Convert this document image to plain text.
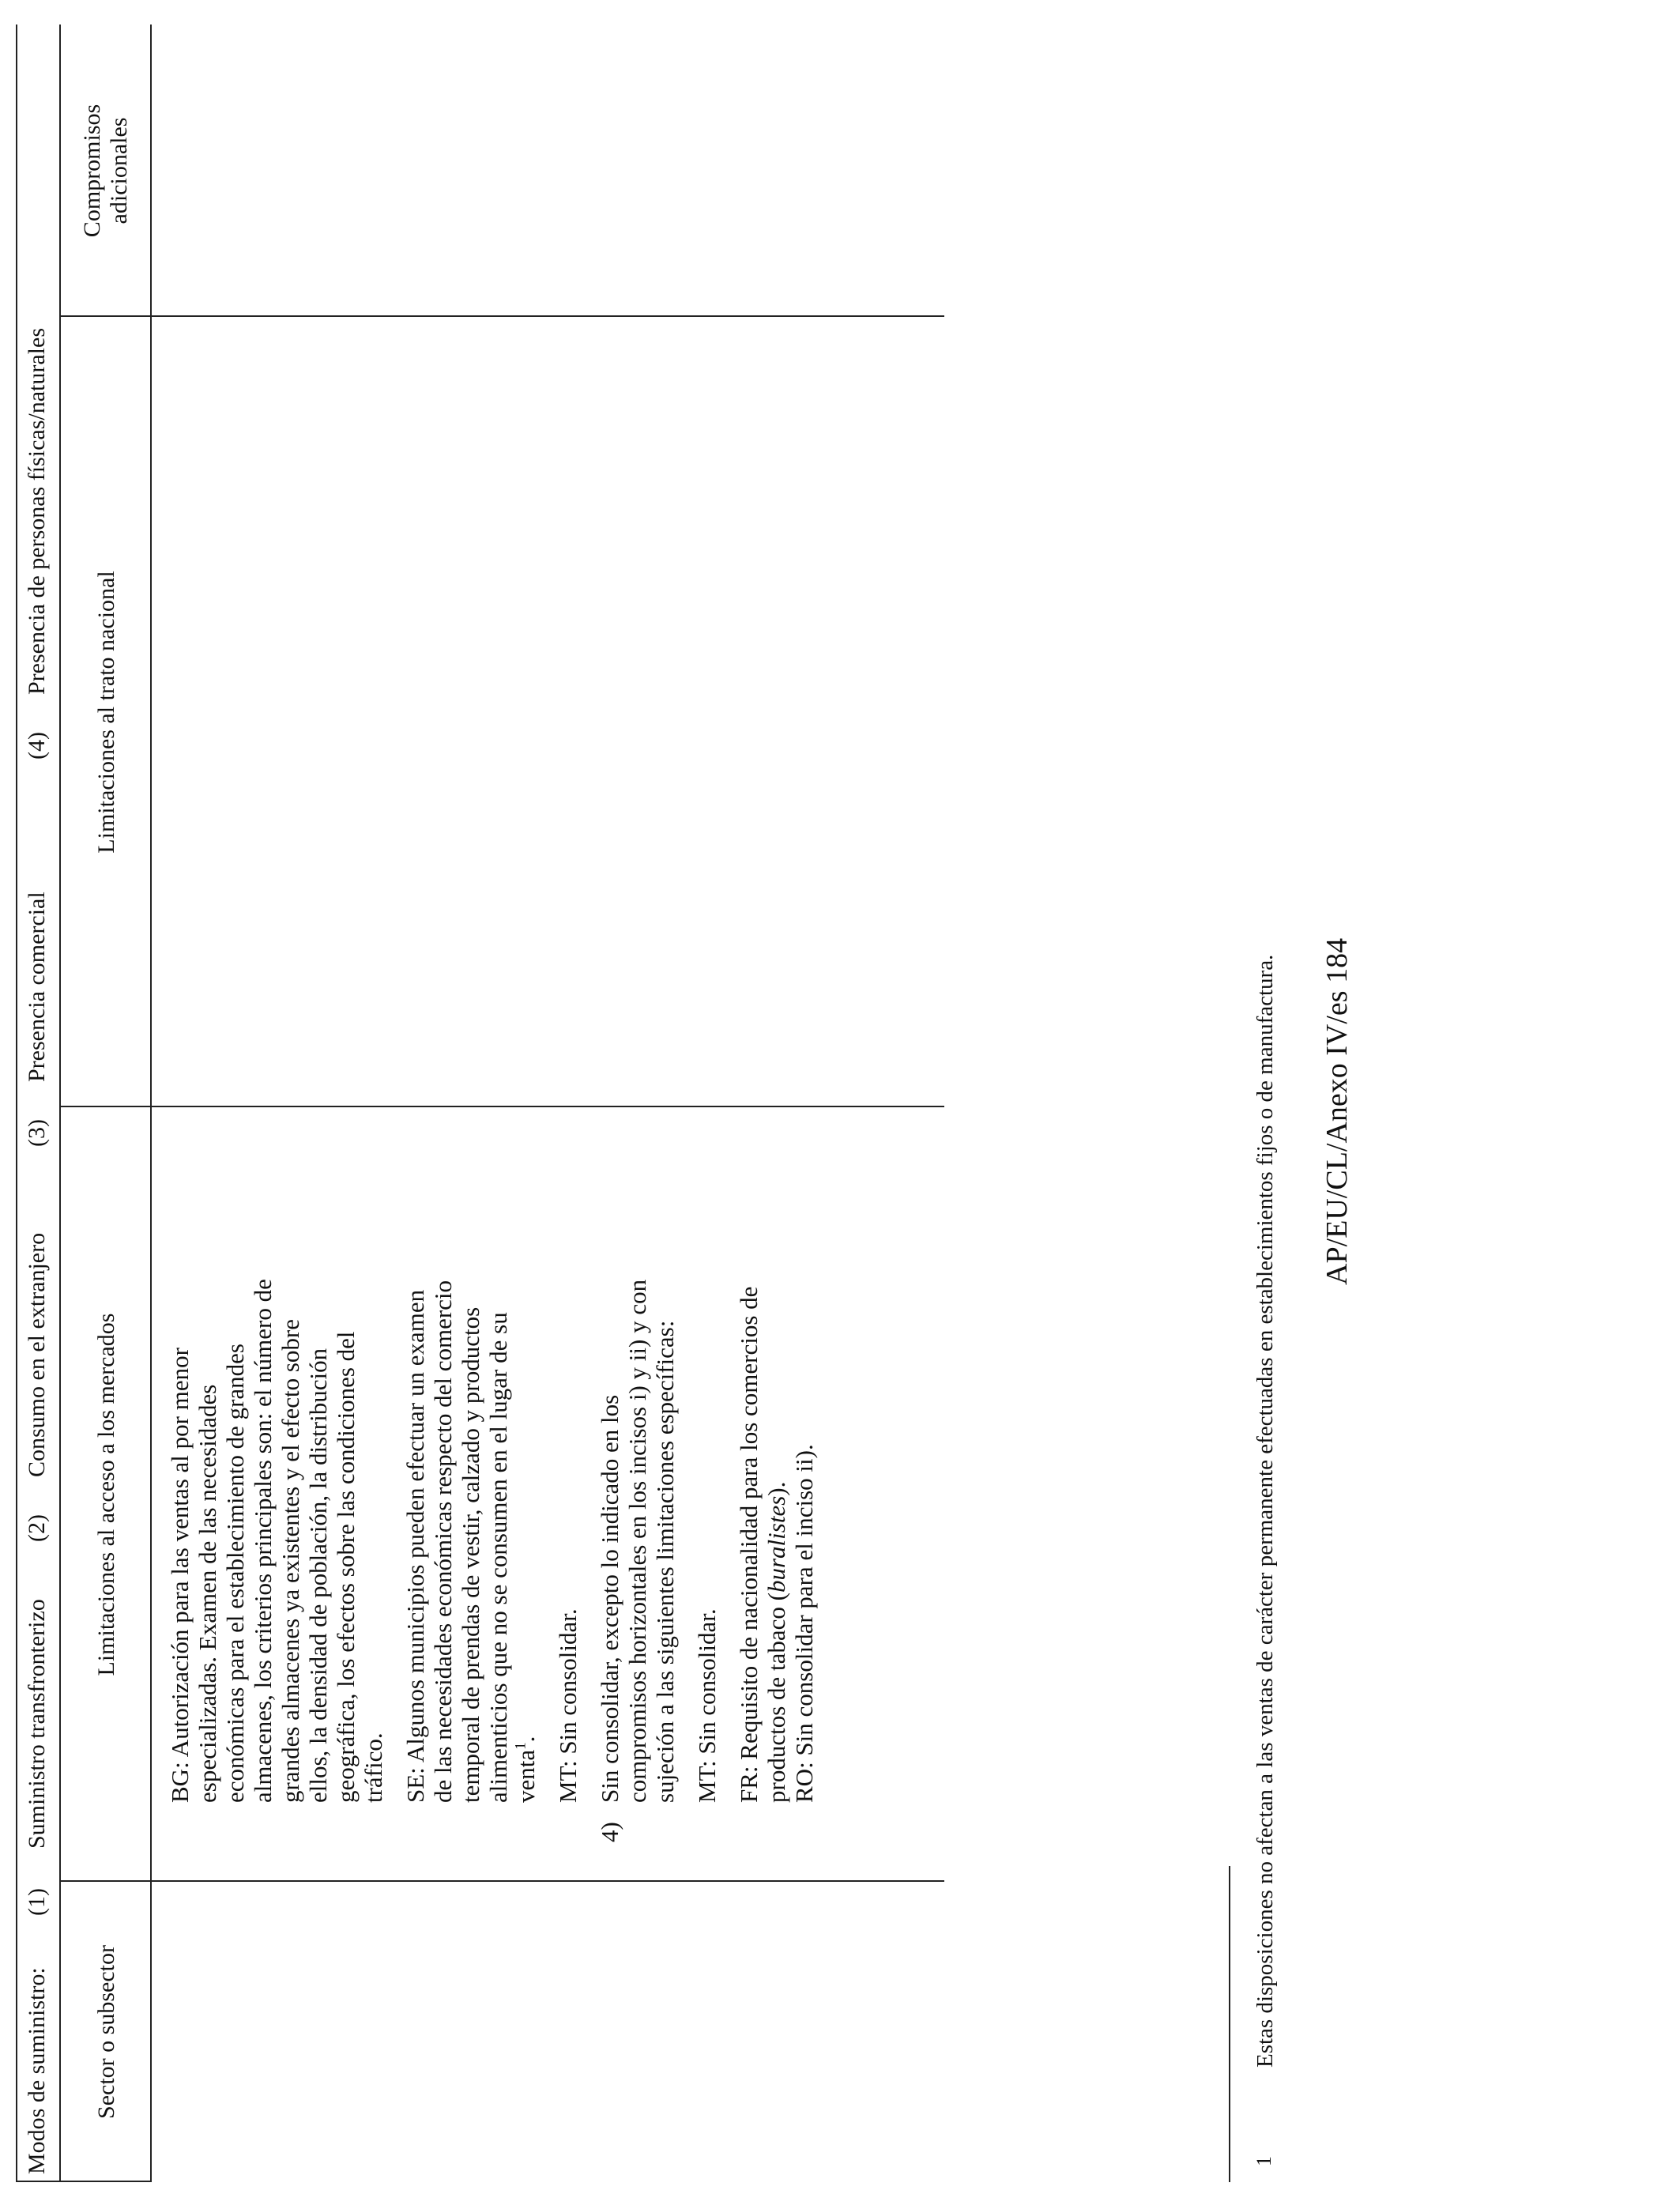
Modos de suministro:
(1)
Suministro transfronterizo
(2)
Consumo en el extranjero
(3)
Presencia comercial
(4)
Presencia de personas físicas/naturales
Sector o subsector
Limitaciones al acceso a los mercados
Limitaciones al trato nacional
Compromisos adicionales

BG: Autorización para las ventas al por menor especializadas. Examen de las necesidades económicas para el establecimiento de grandes almacenes, los criterios principales son: el número de grandes almacenes ya existentes y el efecto sobre ellos, la densidad de población, la distribución geográfica, los efectos sobre las condiciones del tráfico. SE: Algunos municipios pueden efectuar un examen de las necesidades económicas respecto del comercio temporal de prendas de vestir, calzado y productos alimenticios que no se consumen en el lugar de su venta$^1$. MT: Sin consolidar.

4)

Sin consolidar, excepto lo indicado en los compromisos horizontales en los incisos i) y ii) y con sujeción a las siguientes limitaciones específicas: MT: Sin consolidar. FR: Requisito de nacionalidad para los comercios de productos de tabaco (buralistes). RO: Sin consolidar para el inciso ii).

1
Estas disposiciones no afectan a las ventas de carácter permanente efectuadas en establecimientos fijos o de manufactura. AP/EU/CL/Anexo IV/es 184
